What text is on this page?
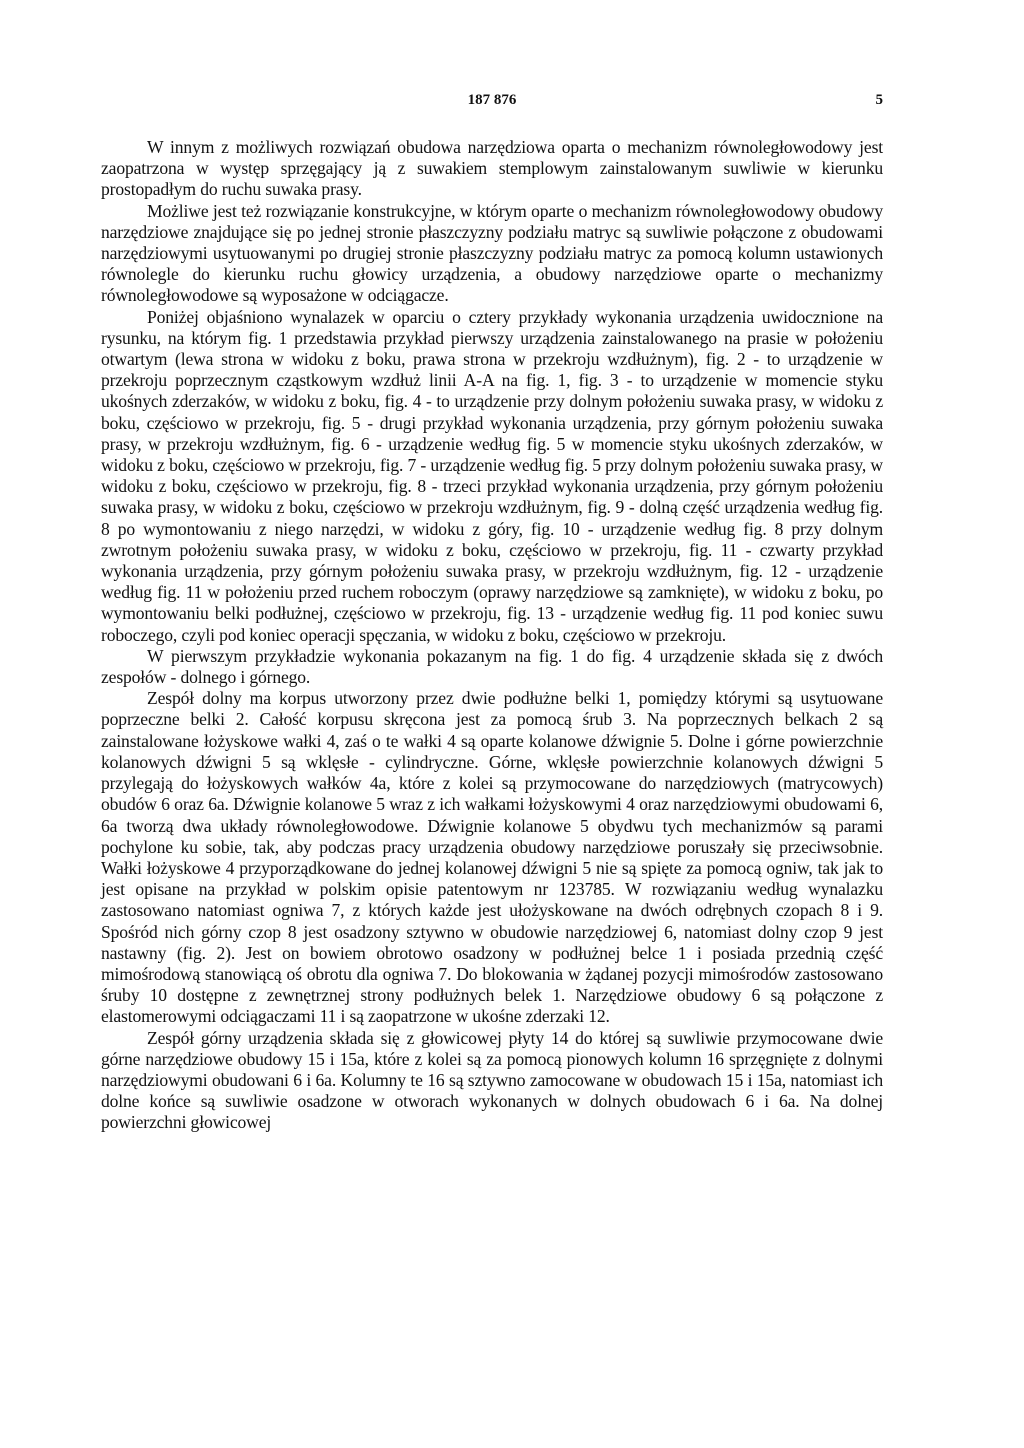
187 876	5

W innym z możliwych rozwiązań obudowa narzędziowa oparta o mechanizm równoległowodowy jest zaopatrzona w występ sprzęgający ją z suwakiem stemplowym zainstalowanym suwliwie w kierunku prostopadłym do ruchu suwaka prasy.

Możliwe jest też rozwiązanie konstrukcyjne, w którym oparte o mechanizm równoległowodowy obudowy narzędziowe znajdujące się po jednej stronie płaszczyzny podziału matryc są suwliwie połączone z obudowami narzędziowymi usytuowanymi po drugiej stronie płaszczyzny podziału matryc za pomocą kolumn ustawionych równolegle do kierunku ruchu głowicy urządzenia, a obudowy narzędziowe oparte o mechanizmy równoległowodowe są wyposażone w odciągacze.

Poniżej objaśniono wynalazek w oparciu o cztery przykłady wykonania urządzenia uwidocznione na rysunku, na którym fig. 1 przedstawia przykład pierwszy urządzenia zainstalowanego na prasie w położeniu otwartym (lewa strona w widoku z boku, prawa strona w przekroju wzdłużnym), fig. 2 - to urządzenie w przekroju poprzecznym cząstkowym wzdłuż linii A-A na fig. 1, fig. 3 - to urządzenie w momencie styku ukośnych zderzaków, w widoku z boku, fig. 4 - to urządzenie przy dolnym położeniu suwaka prasy, w widoku z boku, częściowo w przekroju, fig. 5 - drugi przykład wykonania urządzenia, przy górnym położeniu suwaka prasy, w przekroju wzdłużnym, fig. 6 - urządzenie według fig. 5 w momencie styku ukośnych zderzaków, w widoku z boku, częściowo w przekroju, fig. 7 - urządzenie według fig. 5 przy dolnym położeniu suwaka prasy, w widoku z boku, częściowo w przekroju, fig. 8 - trzeci przykład wykonania urządzenia, przy górnym położeniu suwaka prasy, w widoku z boku, częściowo w przekroju wzdłużnym, fig. 9 - dolną część urządzenia według fig. 8 po wymontowaniu z niego narzędzi, w widoku z góry, fig. 10 - urządzenie według fig. 8 przy dolnym zwrotnym położeniu suwaka prasy, w widoku z boku, częściowo w przekroju, fig. 11 - czwarty przykład wykonania urządzenia, przy górnym położeniu suwaka prasy, w przekroju wzdłużnym, fig. 12 - urządzenie według fig. 11 w położeniu przed ruchem roboczym (oprawy narzędziowe są zamknięte), w widoku z boku, po wymontowaniu belki podłużnej, częściowo w przekroju, fig. 13 - urządzenie według fig. 11 pod koniec suwu roboczego, czyli pod koniec operacji spęczania, w widoku z boku, częściowo w przekroju.

W pierwszym przykładzie wykonania pokazanym na fig. 1 do fig. 4 urządzenie składa się z dwóch zespołów - dolnego i górnego.

Zespół dolny ma korpus utworzony przez dwie podłużne belki 1, pomiędzy którymi są usytuowane poprzeczne belki 2. Całość korpusu skręcona jest za pomocą śrub 3. Na poprzecznych belkach 2 są zainstalowane łożyskowe wałki 4, zaś o te wałki 4 są oparte kolanowe dźwignie 5. Dolne i górne powierzchnie kolanowych dźwigni 5 są wklęsłe - cylindryczne. Górne, wklęsłe powierzchnie kolanowych dźwigni 5 przylegają do łożyskowych wałków 4a, które z kolei są przymocowane do narzędziowych (matrycowych) obudów 6 oraz 6a. Dźwignie kolanowe 5 wraz z ich wałkami łożyskowymi 4 oraz narzędziowymi obudowami 6, 6a tworzą dwa układy równoległowodowe. Dźwignie kolanowe 5 obydwu tych mechanizmów są parami pochylone ku sobie, tak, aby podczas pracy urządzenia obudowy narzędziowe poruszały się przeciwsobnie. Wałki łożyskowe 4 przyporządkowane do jednej kolanowej dźwigni 5 nie są spięte za pomocą ogniw, tak jak to jest opisane na przykład w polskim opisie patentowym nr 123785. W rozwiązaniu według wynalazku zastosowano natomiast ogniwa 7, z których każde jest ułożyskowane na dwóch odrębnych czopach 8 i 9. Spośród nich górny czop 8 jest osadzony sztywno w obudowie narzędziowej 6, natomiast dolny czop 9 jest nastawny (fig. 2). Jest on bowiem obrotowo osadzony w podłużnej belce 1 i posiada przednią część mimośrodową stanowiącą oś obrotu dla ogniwa 7. Do blokowania w żądanej pozycji mimośrodów zastosowano śruby 10 dostępne z zewnętrznej strony podłużnych belek 1. Narzędziowe obudowy 6 są połączone z elastomerowymi odciągaczami 11 i są zaopatrzone w ukośne zderzaki 12.

Zespół górny urządzenia składa się z głowicowej płyty 14 do której są suwliwie przymocowane dwie górne narzędziowe obudowy 15 i 15a, które z kolei są za pomocą pionowych kolumn 16 sprzęgnięte z dolnymi narzędziowymi obudowani 6 i 6a. Kolumny te 16 są sztywno zamocowane w obudowach 15 i 15a, natomiast ich dolne końce są suwliwie osadzone w otworach wykonanych w dolnych obudowach 6 i 6a. Na dolnej powierzchni głowicowej
